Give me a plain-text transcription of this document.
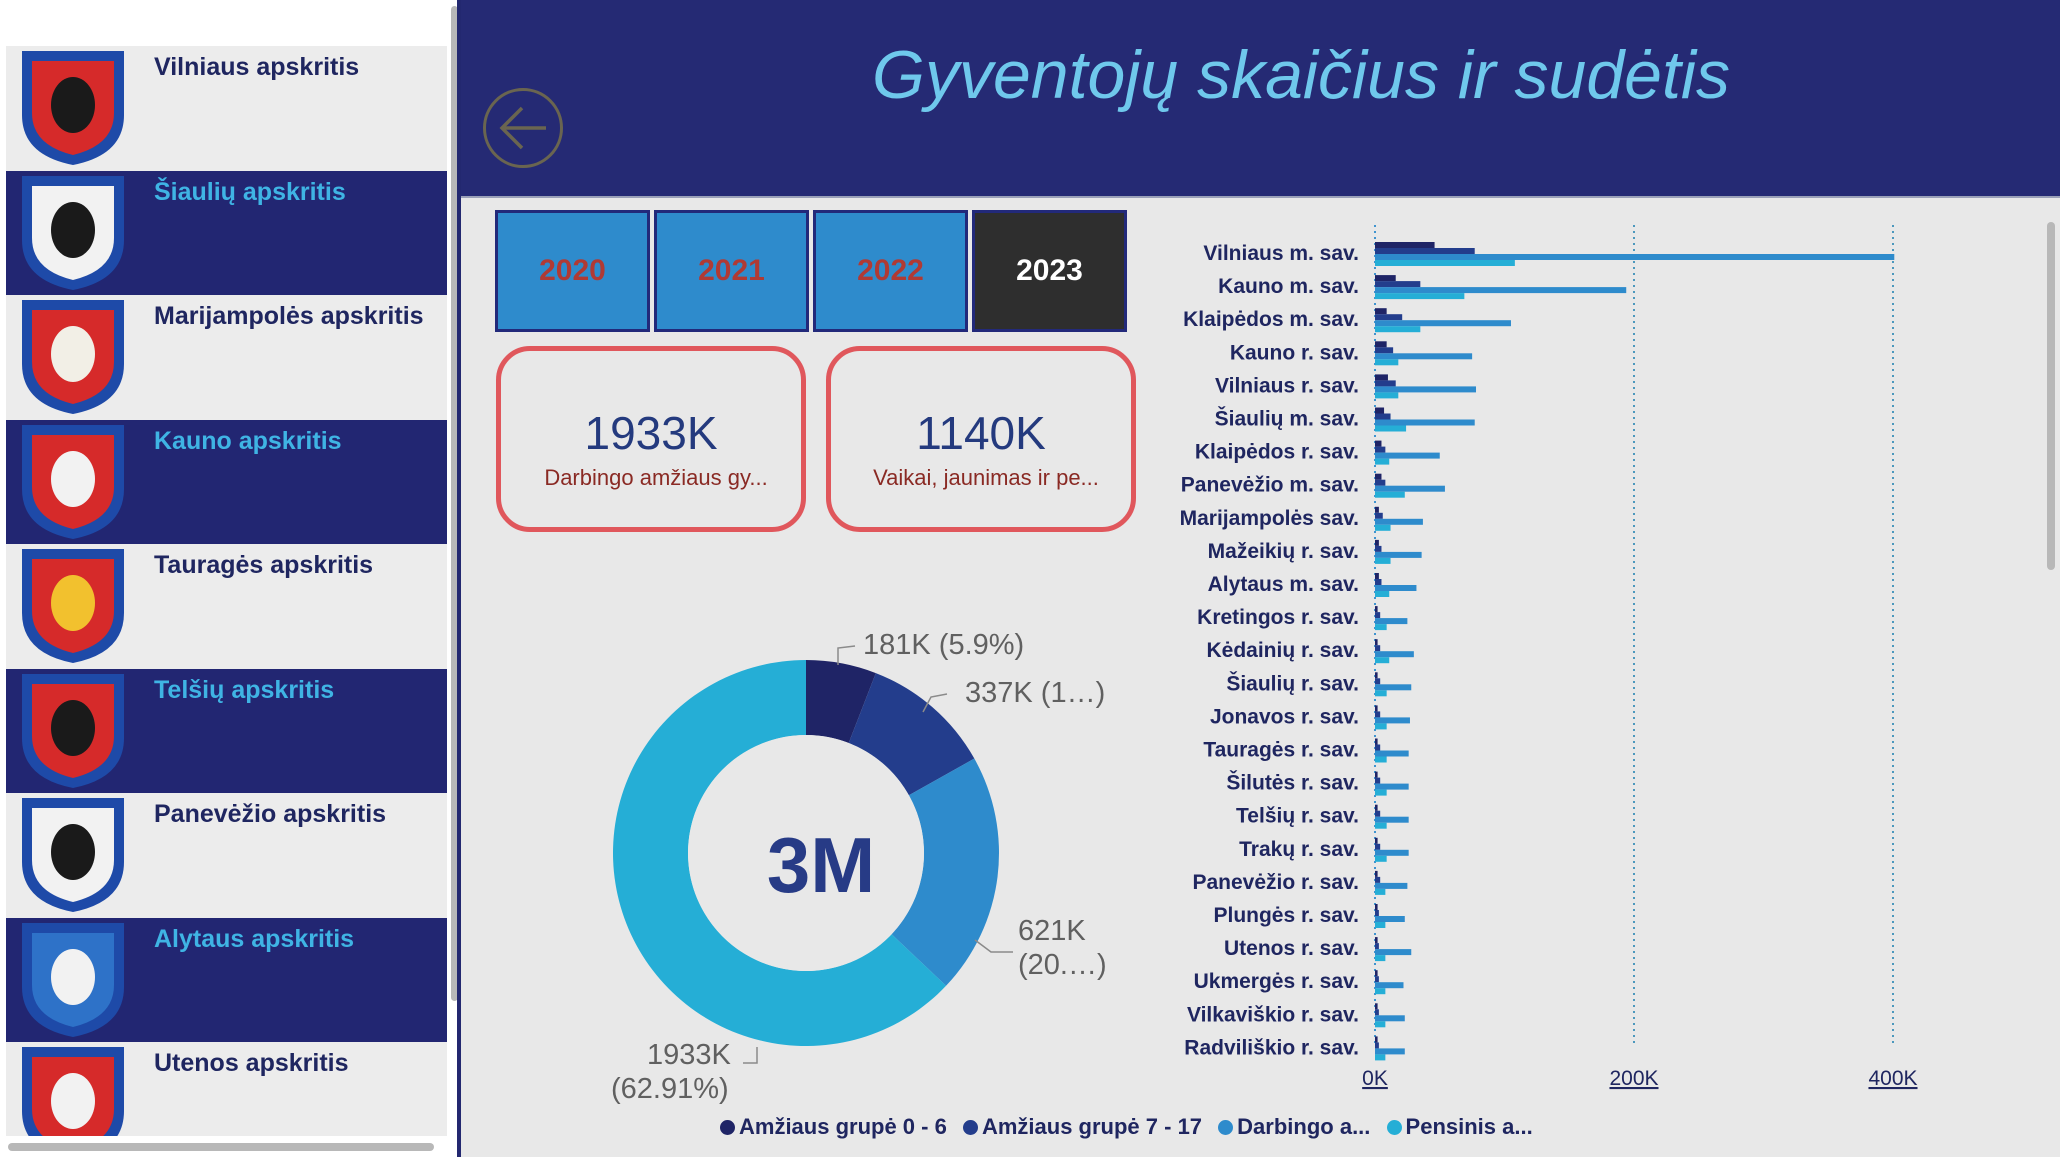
Vilniaus apskritis
Šiaulių apskritis
Marijampolės apskritis
Kauno apskritis
Tauragės apskritis
Telšių apskritis
Panevėžio apskritis
Alytaus apskritis
Utenos apskritis
Gyventojų skaičius ir sudėtis
2020	2021	2022	2023
1933K
Darbingo amžiaus gy...
1140K
Vaikai, jaunimas ir pe...
3M
181K (5.9%)
337K (1…)
621K
(20.…)
1933K
(62.91%)	0K	200K	400K
Vilniaus m. sav.
Kauno m. sav.
Klaipėdos m. sav.
Kauno r. sav.
Vilniaus r. sav.
Šiaulių m. sav.
Klaipėdos r. sav.
Panevėžio m. sav.
Marijampolės sav.
Mažeikių r. sav.
Alytaus m. sav.
Kretingos r. sav.
Kėdainių r. sav.
Šiaulių r. sav.
Jonavos r. sav.
Tauragės r. sav.
Šilutės r. sav.
Telšių r. sav.
Trakų r. sav.
Panevėžio r. sav.
Plungės r. sav.
Utenos r. sav.
Ukmergės r. sav.
Vilkaviškio r. sav.
Radviliškio r. sav.
Amžiaus grupė 0 - 6 Amžiaus grupė 7 - 17 Darbingo a... Pensinis a...
